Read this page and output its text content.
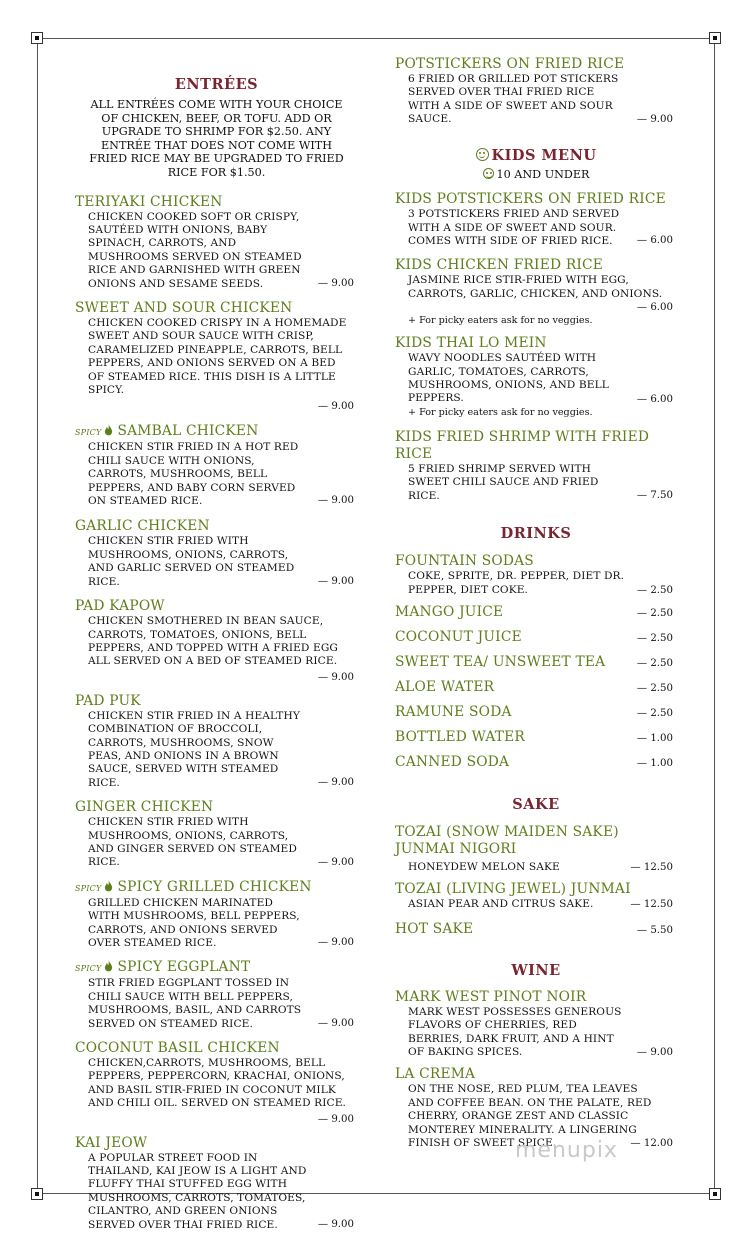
ENTRÉES

ALL ENTRÉES COME WITH YOUR CHOICE OF CHICKEN, BEEF, OR TOFU. ADD OR UPGRADE TO SHRIMP FOR $2.50. ANY ENTRÉE THAT DOES NOT COME WITH FRIED RICE MAY BE UPGRADED TO FRIED RICE FOR $1.50.

TERIYAKI CHICKEN
CHICKEN COOKED SOFT OR CRISPY, SAUTÉED WITH ONIONS, BABY SPINACH, CARROTS, AND MUSHROOMS SERVED ON STEAMED RICE AND GARNISHED WITH GREEN ONIONS AND SESAME SEEDS.	— 9.00
SWEET AND SOUR CHICKEN
CHICKEN COOKED CRISPY IN A HOMEMADE SWEET AND SOUR SAUCE WITH CRISP, CARAMELIZED PINEAPPLE, CARROTS, BELL PEPPERS, AND ONIONS SERVED ON A BED OF STEAMED RICE. THIS DISH IS A LITTLE SPICY.
— 9.00
SPICY SAMBAL CHICKEN
CHICKEN STIR FRIED IN A HOT RED CHILI SAUCE WITH ONIONS, CARROTS, MUSHROOMS, BELL PEPPERS, AND BABY CORN SERVED ON STEAMED RICE.	— 9.00
GARLIC CHICKEN
CHICKEN STIR FRIED WITH MUSHROOMS, ONIONS, CARROTS, AND GARLIC SERVED ON STEAMED RICE.	— 9.00
PAD KAPOW
CHICKEN SMOTHERED IN BEAN SAUCE, CARROTS, TOMATOES, ONIONS, BELL PEPPERS, AND TOPPED WITH A FRIED EGG ALL SERVED ON A BED OF STEAMED RICE.
— 9.00
PAD PUK
CHICKEN STIR FRIED IN A HEALTHY COMBINATION OF BROCCOLI, CARROTS, MUSHROOMS, SNOW PEAS, AND ONIONS IN A BROWN SAUCE, SERVED WITH STEAMED RICE.	— 9.00
GINGER CHICKEN
CHICKEN STIR FRIED WITH MUSHROOMS, ONIONS, CARROTS, AND GINGER SERVED ON STEAMED RICE.	— 9.00
SPICY SPICY GRILLED CHICKEN
GRILLED CHICKEN MARINATED WITH MUSHROOMS, BELL PEPPERS, CARROTS, AND ONIONS SERVED OVER STEAMED RICE.	— 9.00
SPICY SPICY EGGPLANT
STIR FRIED EGGPLANT TOSSED IN CHILI SAUCE WITH BELL PEPPERS, MUSHROOMS, BASIL, AND CARROTS SERVED ON STEAMED RICE.	— 9.00
COCONUT BASIL CHICKEN
CHICKEN,CARROTS, MUSHROOMS, BELL PEPPERS, PEPPERCORN, KRACHAI, ONIONS, AND BASIL STIR-FRIED IN COCONUT MILK AND CHILI OIL. SERVED ON STEAMED RICE.
— 9.00
KAI JEOW
A POPULAR STREET FOOD IN THAILAND, KAI JEOW IS A LIGHT AND FLUFFY THAI STUFFED EGG WITH MUSHROOMS, CARROTS, TOMATOES, CILANTRO, AND GREEN ONIONS SERVED OVER THAI FRIED RICE.	— 9.00
POTSTICKERS ON FRIED RICE
6 FRIED OR GRILLED POT STICKERS SERVED OVER THAI FRIED RICE WITH A SIDE OF SWEET AND SOUR SAUCE.	— 9.00
KIDS MENU
10 AND UNDER
KIDS POTSTICKERS ON FRIED RICE
3 POTSTICKERS FRIED AND SERVED WITH A SIDE OF SWEET AND SOUR. COMES WITH SIDE OF FRIED RICE.	— 6.00
KIDS CHICKEN FRIED RICE
JASMINE RICE STIR-FRIED WITH EGG, CARROTS, GARLIC, CHICKEN, AND ONIONS.
— 6.00
+ For picky eaters ask for no veggies.
KIDS THAI LO MEIN
WAVY NOODLES SAUTÉED WITH GARLIC, TOMATOES, CARROTS, MUSHROOMS, ONIONS, AND BELL PEPPERS.	— 6.00
+ For picky eaters ask for no veggies.
KIDS FRIED SHRIMP WITH FRIED RICE
5 FRIED SHRIMP SERVED WITH SWEET CHILI SAUCE AND FRIED RICE.	— 7.50
DRINKS
FOUNTAIN SODAS
COKE, SPRITE, DR. PEPPER, DIET DR. PEPPER, DIET COKE.	— 2.50
MANGO JUICE	— 2.50
COCONUT JUICE	— 2.50
SWEET TEA/ UNSWEET TEA	— 2.50
ALOE WATER	— 2.50
RAMUNE SODA	— 2.50
BOTTLED WATER	— 1.00
CANNED SODA	— 1.00
SAKE
TOZAI (SNOW MAIDEN SAKE) JUNMAI NIGORI
HONEYDEW MELON SAKE	— 12.50
TOZAI (LIVING JEWEL) JUNMAI
ASIAN PEAR AND CITRUS SAKE.	— 12.50
HOT SAKE	— 5.50
WINE
MARK WEST PINOT NOIR
MARK WEST POSSESSES GENEROUS FLAVORS OF CHERRIES, RED BERRIES, DARK FRUIT, AND A HINT OF BAKING SPICES.	— 9.00
LA CREMA
ON THE NOSE, RED PLUM, TEA LEAVES AND COFFEE BEAN. ON THE PALATE, RED CHERRY, ORANGE ZEST AND CLASSIC MONTEREY MINERALITY. A LINGERING FINISH OF SWEET SPICE.	— 12.00
menupix
